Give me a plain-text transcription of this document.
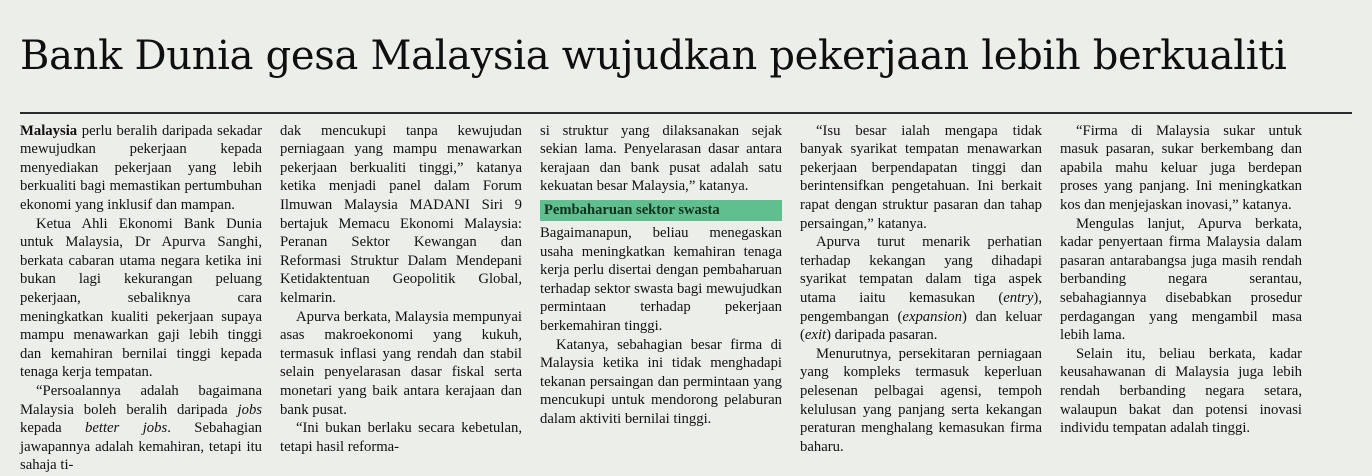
Bank Dunia gesa Malaysia wujudkan pekerjaan lebih berkualiti

Malaysia perlu beralih daripada sekadar mewujudkan pekerjaan kepada menyediakan pekerjaan yang lebih berkualiti bagi memastikan pertumbuhan ekonomi yang inklusif dan mampan.

Ketua Ahli Ekonomi Bank Dunia untuk Malaysia, Dr Apurva Sanghi, berkata cabaran utama negara ketika ini bukan lagi kekurangan peluang pekerjaan, sebaliknya cara meningkatkan kualiti pekerjaan supaya mampu menawarkan gaji lebih tinggi dan kemahiran bernilai tinggi kepada tenaga kerja tempatan.

“Persoalannya adalah bagaimana Malaysia boleh beralih daripada jobs kepada better jobs. Sebahagian jawapannya adalah kemahiran, tetapi itu sahaja ti-

dak mencukupi tanpa kewujudan perniagaan yang mampu menawarkan pekerjaan berkualiti tinggi,” katanya ketika menjadi panel dalam Forum Ilmuwan Malaysia MADANI Siri 9 bertajuk Memacu Ekonomi Malaysia: Peranan Sektor Kewangan dan Reformasi Struktur Dalam Mendepani Ketidaktentuan Geopolitik Global, kelmarin.

Apurva berkata, Malaysia mempunyai asas makroekonomi yang kukuh, termasuk inflasi yang rendah dan stabil selain penyelarasan dasar fiskal serta monetari yang baik antara kerajaan dan bank pusat.

“Ini bukan berlaku secara kebetulan, tetapi hasil reforma-

si struktur yang dilaksanakan sejak sekian lama. Penyelarasan dasar antara kerajaan dan bank pusat adalah satu kekuatan besar Malaysia,” katanya.

Pembaharuan sektor swasta

Bagaimanapun, beliau menegaskan usaha meningkatkan kemahiran tenaga kerja perlu disertai dengan pembaharuan terhadap sektor swasta bagi mewujudkan permintaan terhadap pekerjaan berkemahiran tinggi.

Katanya, sebahagian besar firma di Malaysia ketika ini tidak menghadapi tekanan persaingan dan permintaan yang mencukupi untuk mendorong pelaburan dalam aktiviti bernilai tinggi.

“Isu besar ialah mengapa tidak banyak syarikat tempatan menawarkan pekerjaan berpendapatan tinggi dan berintensifkan pengetahuan. Ini berkait rapat dengan struktur pasaran dan tahap persaingan,” katanya.

Apurva turut menarik perhatian terhadap kekangan yang dihadapi syarikat tempatan dalam tiga aspek utama iaitu kemasukan (entry), pengembangan (expansion) dan keluar (exit) daripada pasaran.

Menurutnya, persekitaran perniagaan yang kompleks termasuk keperluan pelesenan pelbagai agensi, tempoh kelulusan yang panjang serta kekangan peraturan menghalang kemasukan firma baharu.

“Firma di Malaysia sukar untuk masuk pasaran, sukar berkembang dan apabila mahu keluar juga berdepan proses yang panjang. Ini meningkatkan kos dan menjejaskan inovasi,” katanya.

Mengulas lanjut, Apurva berkata, kadar penyertaan firma Malaysia dalam pasaran antarabangsa juga masih rendah berbanding negara serantau, sebahagiannya disebabkan prosedur perdagangan yang mengambil masa lebih lama.

Selain itu, beliau berkata, kadar keusahawanan di Malaysia juga lebih rendah berbanding negara setara, walaupun bakat dan potensi inovasi individu tempatan adalah tinggi.
